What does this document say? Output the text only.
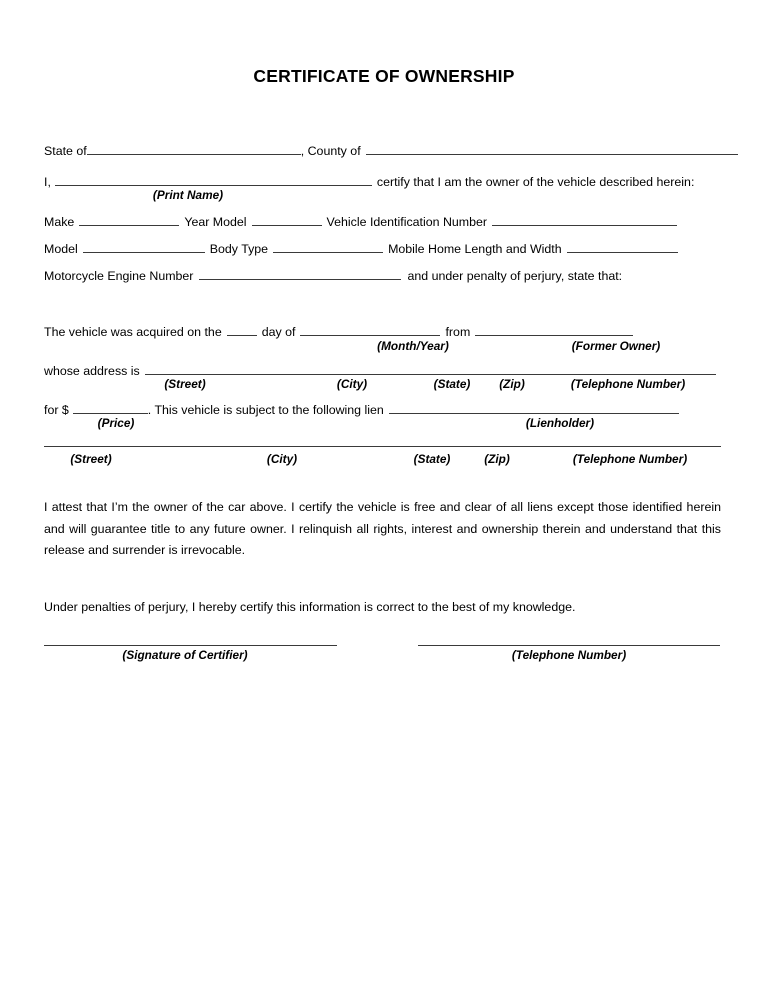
CERTIFICATE OF OWNERSHIP
State of	, County of
I,	certify that I am the owner of the vehicle described herein:
(Print Name)
Make	Year Model	Vehicle Identification Number
Model	Body Type	Mobile Home Length and Width
Motorcycle Engine Number	and under penalty of perjury, state that:
The vehicle was acquired on the	day of	from
(Month/Year)	(Former Owner)
whose address is
(Street)	(City)	(State) (Zip)	(Telephone Number)
for $	. This vehicle is subject to the following lien
(Price)	(Lienholder)
(Street)	(City)	(State)	(Zip)	(Telephone Number)
I attest that I’m the owner of the car above. I certify the vehicle is free and clear of all liens except those identified herein and will guarantee title to any future owner. I relinquish all rights, interest and ownership therein and understand that this release and surrender is irrevocable.
Under penalties of perjury, I hereby certify this information is correct to the best of my knowledge.
(Signature of Certifier)	(Telephone Number)
